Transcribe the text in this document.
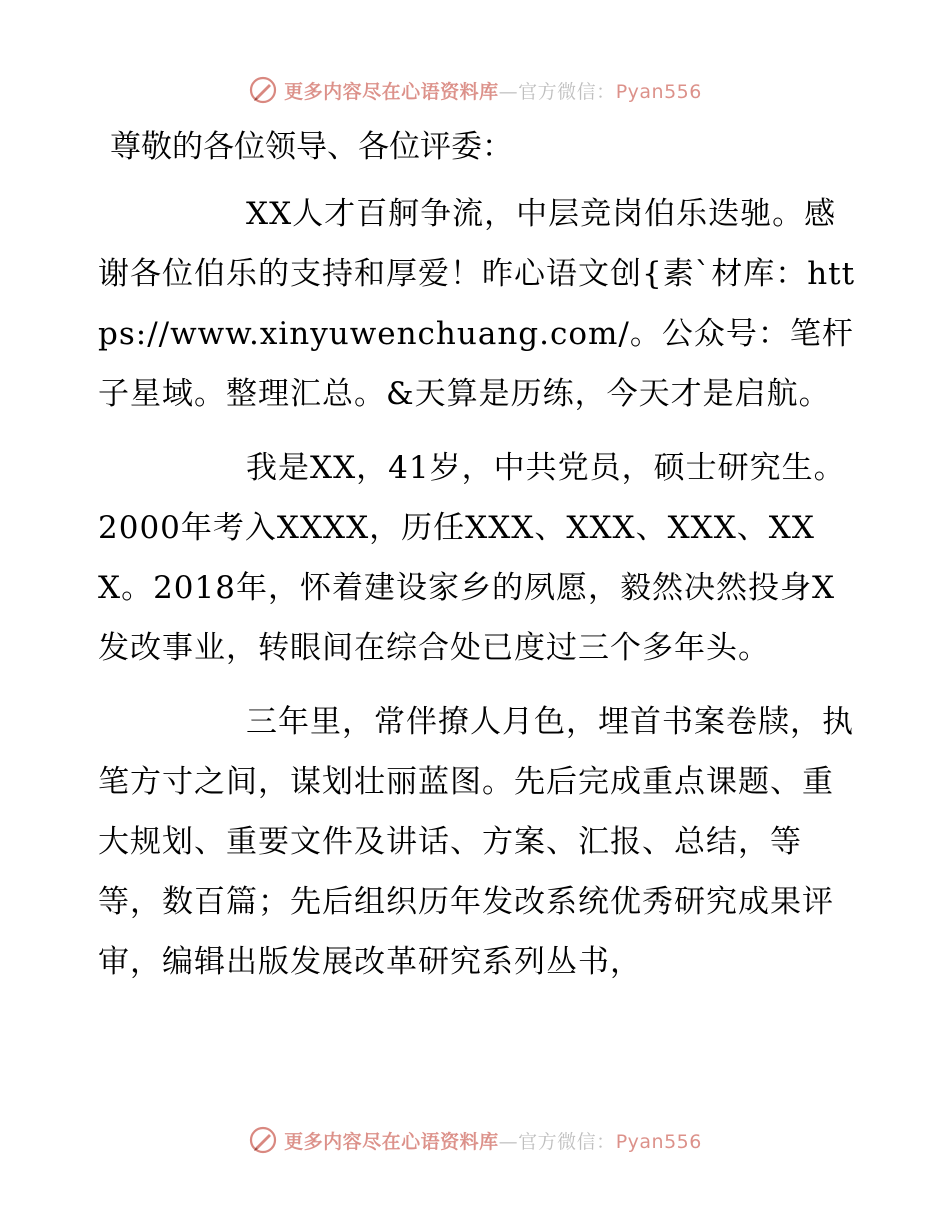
更多内容尽在心语资料库—官方微信：Pyan556

尊敬的各位领导、各位评委：

XX人才百舸争流，中层竞岗伯乐迭驰。感谢各位伯乐的支持和厚爱！昨心语文创{素`材库：https://www.xinyuwenchuang.com/。公众号：笔杆子星域。整理汇总。&天算是历练，今天才是启航。

我是XX，41岁，中共党员，硕士研究生。2000年考入XXXX，历任XXX、XXX、XXX、XXX。2018年，怀着建设家乡的夙愿，毅然决然投身X发改事业，转眼间在综合处已度过三个多年头。

三年里，常伴撩人月色，埋首书案卷牍，执笔方寸之间，谋划壮丽蓝图。先后完成重点课题、重大规划、重要文件及讲话、方案、汇报、总结，等等，数百篇；先后组织历年发改系统优秀研究成果评审，编辑出版发展改革研究系列丛书，

更多内容尽在心语资料库—官方微信：Pyan556
